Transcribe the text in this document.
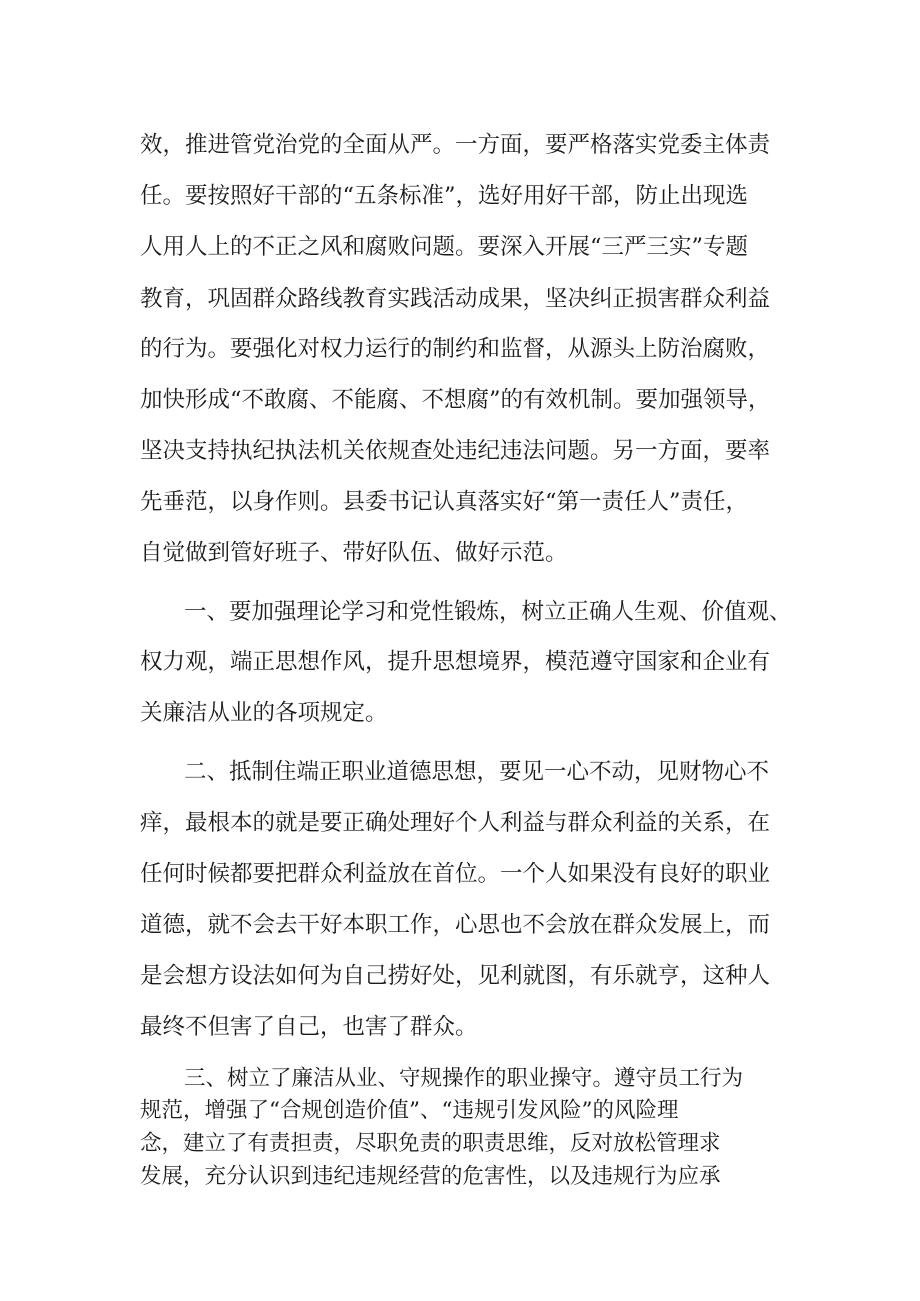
效，推进管党治党的全面从严。一方面，要严格落实党委主体责
任。要按照好干部的“五条标准”，选好用好干部，防止出现选
人用人上的不正之风和腐败问题。要深入开展“三严三实”专题
教育，巩固群众路线教育实践活动成果，坚决纠正损害群众利益
的行为。要强化对权力运行的制约和监督，从源头上防治腐败，
加快形成“不敢腐、不能腐、不想腐”的有效机制。要加强领导，
坚决支持执纪执法机关依规查处违纪违法问题。另一方面，要率
先垂范，以身作则。县委书记认真落实好“第一责任人”责任，
自觉做到管好班子、带好队伍、做好示范。
一、要加强理论学习和党性锻炼，树立正确人生观、价值观、
权力观，端正思想作风，提升思想境界，模范遵守国家和企业有
关廉洁从业的各项规定。
二、抵制住端正职业道德思想，要见一心不动，见财物心不
痒，最根本的就是要正确处理好个人利益与群众利益的关系，在
任何时候都要把群众利益放在首位。一个人如果没有良好的职业
道德，就不会去干好本职工作，心思也不会放在群众发展上，而
是会想方设法如何为自己捞好处，见利就图，有乐就亨，这种人
最终不但害了自己，也害了群众。
三、树立了廉洁从业、守规操作的职业操守。遵守员工行为
规范，增强了“合规创造价值”、“违规引发风险”的风险理
念，建立了有责担责，尽职免责的职责思维，反对放松管理求
发展，充分认识到违纪违规经营的危害性，以及违规行为应承
